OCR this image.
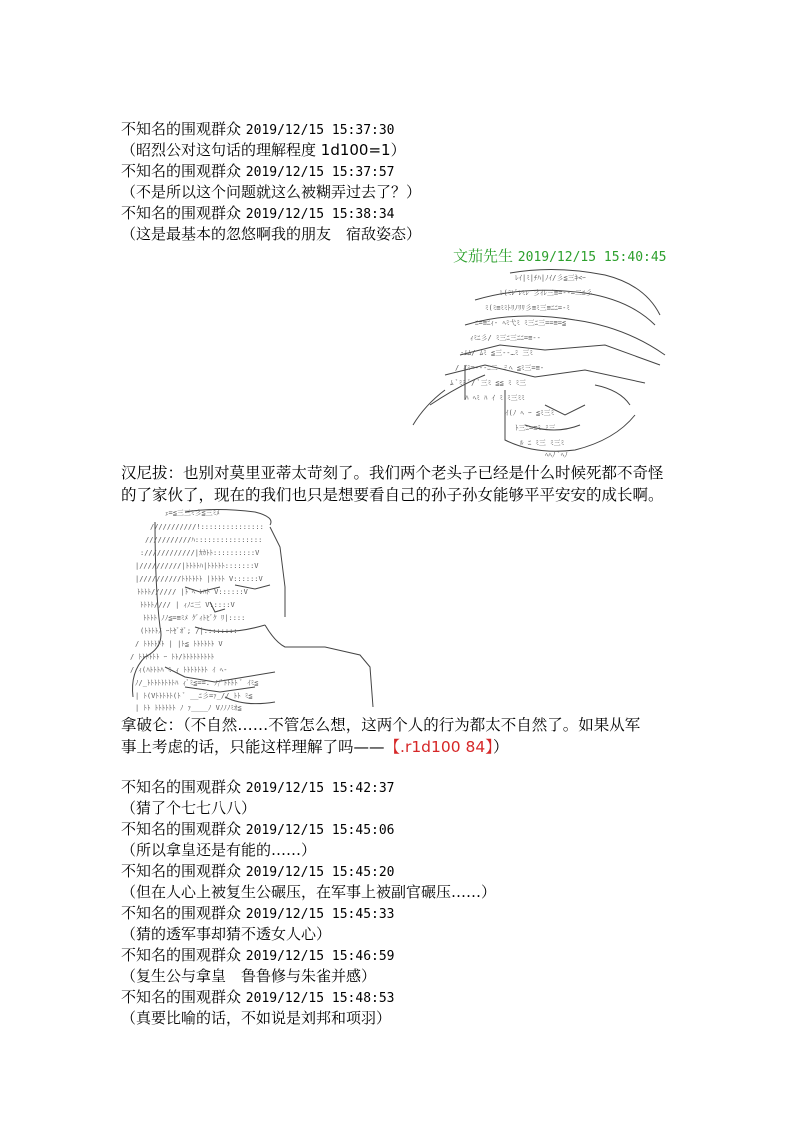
不知名的围观群众 2019/12/15 15:37:30
（昭烈公对这句话的理解程度 1d100=1）
不知名的围观群众 2019/12/15 15:37:57
（不是所以这个问题就这么被糊弄过去了？）
不知名的围观群众 2019/12/15 15:38:34
（这是最基本的忽悠啊我的朋友　宿敌姿态）
文茄先生 2019/12/15 15:40:45
ﾚｲ|ﾐ|ﾁﾊ|ﾉｲ/彡≦三ｷ<ｰ
ﾚ(ﾐﾚﾞﾚﾐﾚ 彡ｲﾚ三≡=--=二ﾆ彡
ﾐ(ﾐ≡ﾐﾐﾄﾘﾉﾘﾘ彡≡ﾐ三≡ﾆﾆ=-ﾐ
ﾆ=≡ﾆｨ- ﾍﾐ弋ﾐ ﾐ三ﾆ三==≡=≦
ｨﾐﾆ彡/ ﾐ三ﾆ三ﾆﾆ=≡--
-ﾑﾑ/ ﾑﾐ ≦三--…ﾐ 三ﾐ
/ ｲﾐ=---ﾆ二 ミﾍ ≦ﾐ三=≡-
ﾑ ﾞﾐﾐ ﾞ/ ﾞ三ﾐ ≦≦ ﾐ ﾐ三
ﾊ ﾍﾐ ﾊ ｲ ﾐ ﾐ三ﾐﾐ
ｲ(ﾉ ﾍ ｰ ≦ﾐ三ﾐ
ﾄ三ﾆ=≡ﾐ ﾐ三
ﾙ ﾆ ﾐ三 ﾐ三ﾐ
ﾍﾍﾉ ﾞﾍﾉ
汉尼拔：也别对莫里亚蒂太苛刻了。我们两个老头子已经是什么时候死都不奇怪
的了家伙了，现在的我们也只是想要看自己的孙子孙女能够平平安安的成长啊。
ｪ=≦三三ﾐ彡≦三ﾐﾒ
///////////!:::::::::::::::
///////////ﾊ::::::::::::::::
:////////////|ｶｶﾄﾄ::::::::::V
|//////////|ﾄﾄﾄﾄﾊ|ﾄﾄﾄﾄﾄ:::::::V
|//////////ﾄﾄﾄﾄﾄﾄ |ﾄﾄﾄﾄ V::::::V
ﾄﾄﾄﾄ////// |ﾄﾞﾍ ﾚﾊﾄ V::::::V
ﾄﾄﾄﾄ//// | ｨﾉﾆ三 V:::::V
ﾄﾄﾄﾄ ﾉﾉ≦=≡ﾐﾒ ｸﾞｨﾄﾋﾞｸ ﾘ|::::
(ﾄﾄﾄﾄﾉ ｰﾄｾﾞｵﾞ; /|::::::::
/ ﾄﾄﾄﾄﾄﾄ | |ﾄ≦ ﾄﾄﾄﾄﾄﾄ V
/ ﾄﾄﾄﾄﾄﾄ ｰ ﾄﾄ/ﾄﾄﾄﾄﾄﾄﾄﾄﾄ
/ ｨ(ﾊﾄﾄﾄﾊ ﾐ ｨ ﾄﾄﾄﾄﾄﾄﾄ ｲ ﾍ-
ﾉ/_ﾄﾄﾄﾄﾄﾄﾄﾄﾊ ｨﾞﾐ≦==. ﾉ/ﾞﾄﾄﾄﾄ ﾞ ｲﾐ≦
| ﾄ(Vﾄﾄﾄﾄﾄ(ﾄ ﾞ __ﾆ彡=ｧ_// ﾄﾄ ﾐ≦
| ﾄﾄ ﾄﾄﾄﾄﾄﾄ ﾉ ｧ____ﾉ Vﾉﾉﾉﾐｵ≦
拿破仑：（不自然……不管怎么想，这两个人的行为都太不自然了。如果从军
事上考虑的话，只能这样理解了吗——【.r1d100 84】）
不知名的围观群众 2019/12/15 15:42:37
（猜了个七七八八）
不知名的围观群众 2019/12/15 15:45:06
（所以拿皇还是有能的……）
不知名的围观群众 2019/12/15 15:45:20
（但在人心上被复生公碾压，在军事上被副官碾压……）
不知名的围观群众 2019/12/15 15:45:33
（猜的透军事却猜不透女人心）
不知名的围观群众 2019/12/15 15:46:59
（复生公与拿皇　鲁鲁修与朱雀并感）
不知名的围观群众 2019/12/15 15:48:53
（真要比喻的话，不如说是刘邦和项羽）
